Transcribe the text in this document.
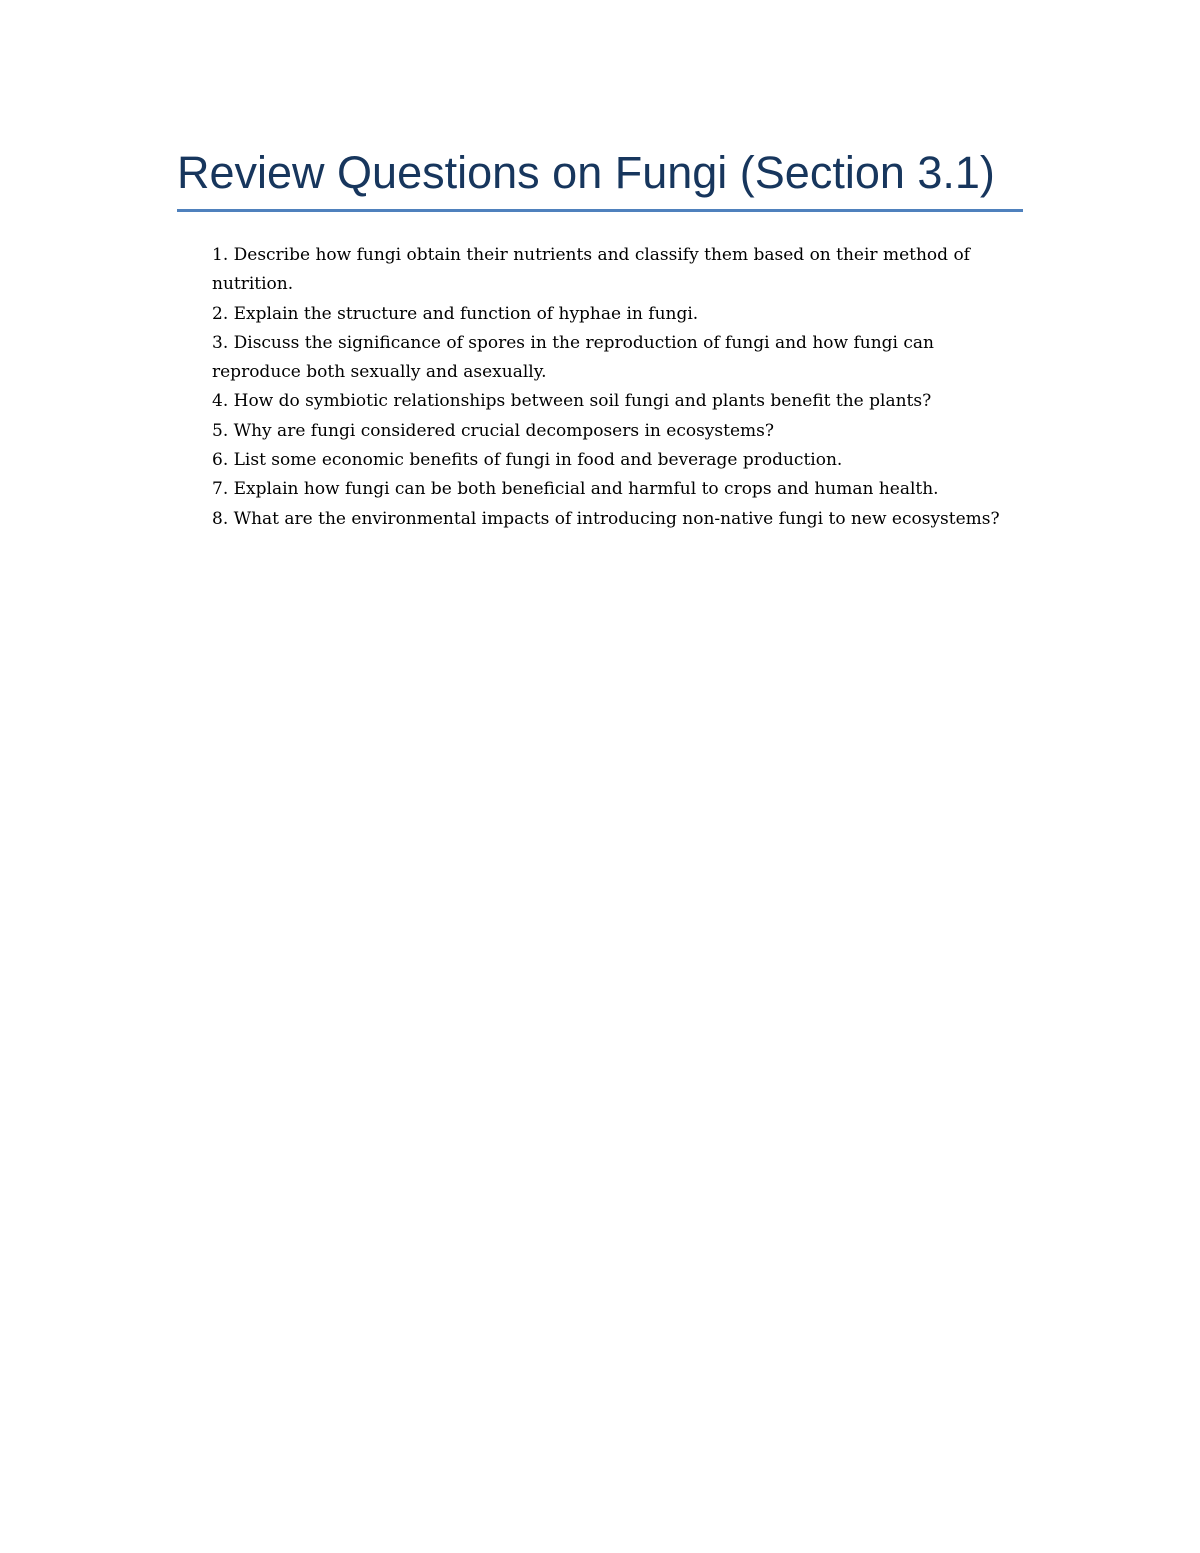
Review Questions on Fungi (Section 3.1)
1. Describe how fungi obtain their nutrients and classify them based on their method of nutrition.
2. Explain the structure and function of hyphae in fungi.
3. Discuss the significance of spores in the reproduction of fungi and how fungi can reproduce both sexually and asexually.
4. How do symbiotic relationships between soil fungi and plants benefit the plants?
5. Why are fungi considered crucial decomposers in ecosystems?
6. List some economic benefits of fungi in food and beverage production.
7. Explain how fungi can be both beneficial and harmful to crops and human health.
8. What are the environmental impacts of introducing non-native fungi to new ecosystems?
